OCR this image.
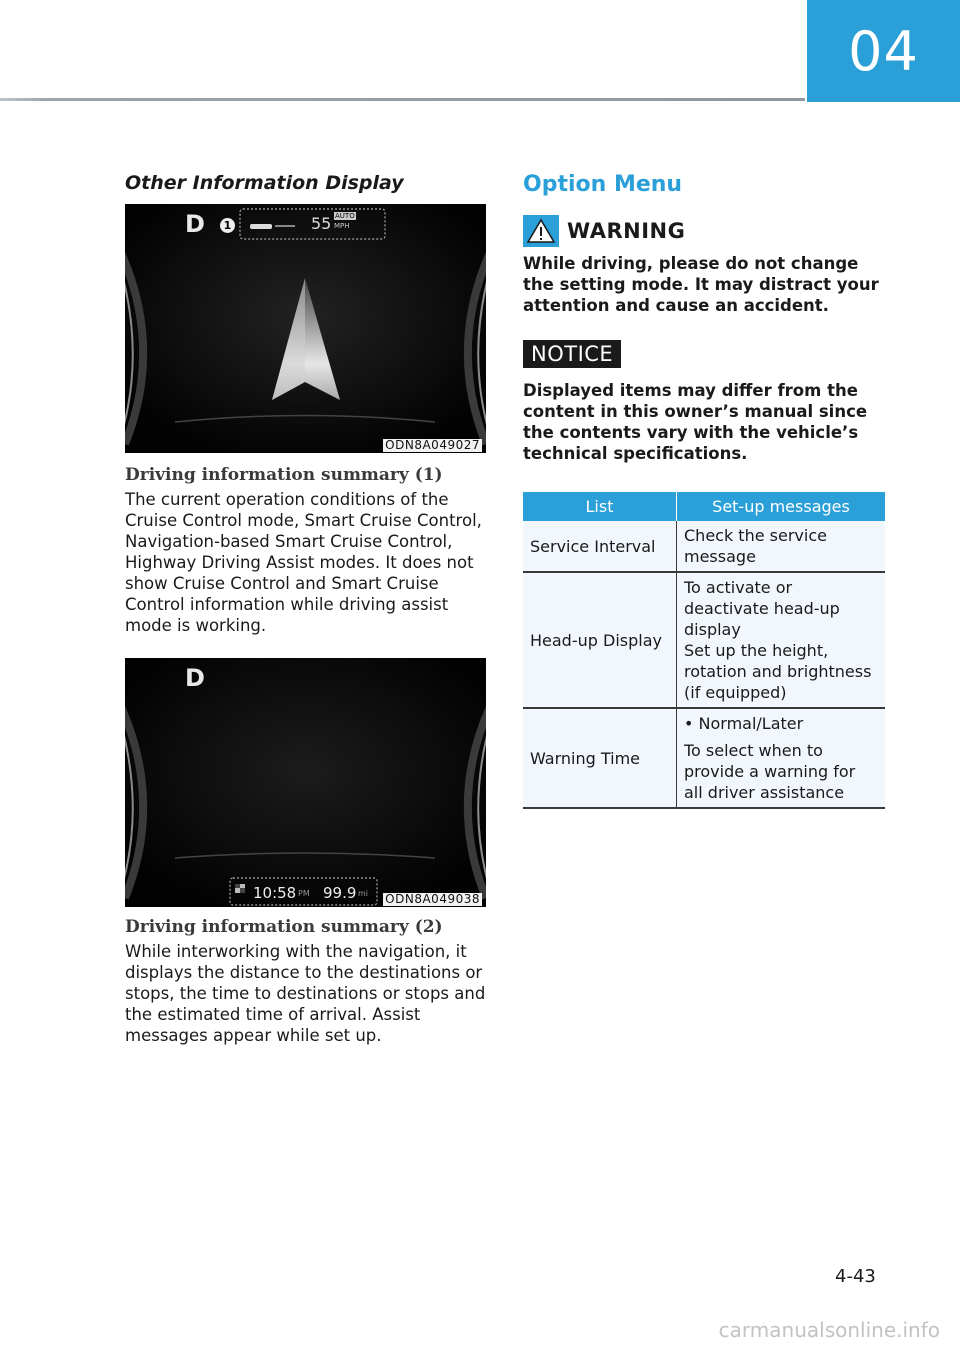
04
Other Information Display
D	1	55 AUTO
MPH
ODN8A049027
Driving information summary (1)

The current operation conditions of the Cruise Control mode, Smart Cruise Control, Navigation-based Smart Cruise Control, Highway Driving Assist modes. It does not show Cruise Control and Smart Cruise Control information while driving assist mode is working.

D
10:58 PM 99.9 mi ODN8A049038
Driving information summary (2)

While interworking with the navigation, it displays the distance to the destinations or stops, the time to destinations or stops and the estimated time of arrival. Assist messages appear while set up.

Option Menu
WARNING

While driving, please do not change the setting mode. It may distract your attention and cause an accident.

NOTICE

Displayed items may differ from the content in this owner’s manual since the contents vary with the vehicle’s technical specifications.

List	Set-up messages
Service Interval	Check the service message

Head-up Display	To activate or deactivate head-up display
Set up the height, rotation and brightness (if equipped)

Warning Time	• Normal/Later
To select when to provide a warning for all driver assistance
4-43
carmanualsonline.info
